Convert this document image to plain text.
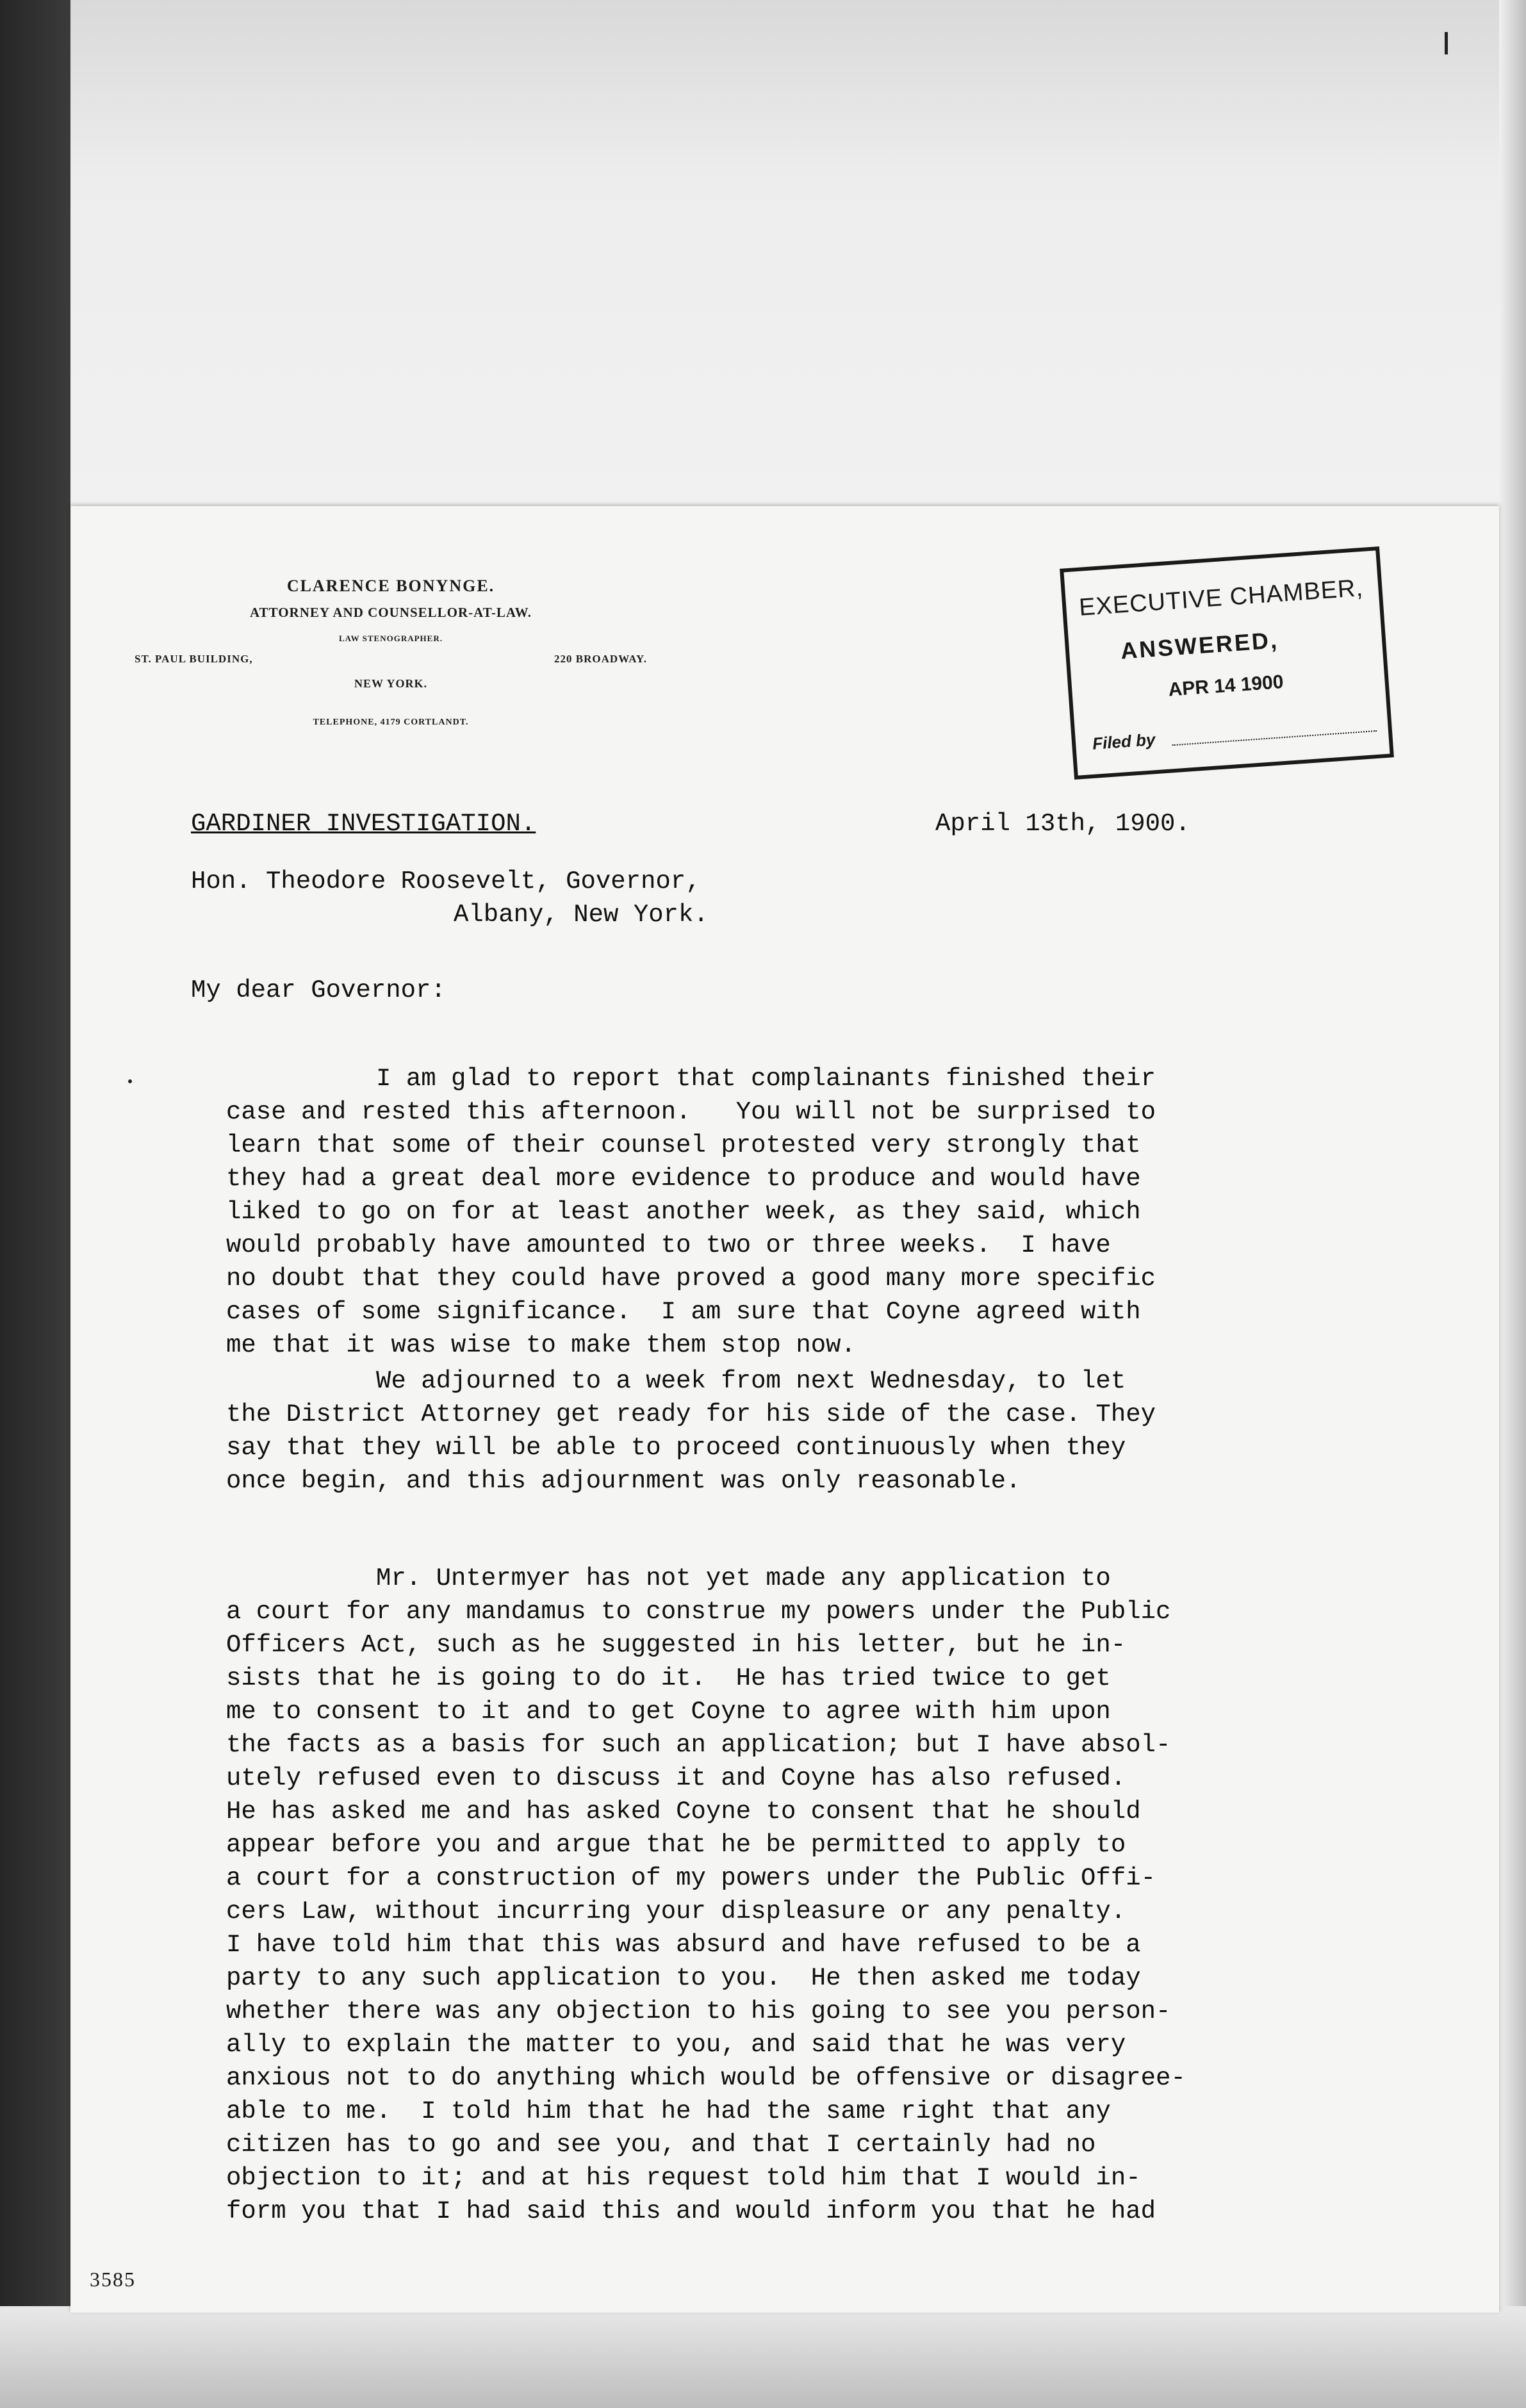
CLARENCE BONYNGE.
ATTORNEY AND COUNSELLOR-AT-LAW.
LAW STENOGRAPHER.
ST. PAUL BUILDING,	220 BROADWAY.
NEW YORK.
TELEPHONE, 4179 CORTLANDT.
EXECUTIVE CHAMBER,
ANSWERED,
APR 14 1900
Filed by
GARDINER INVESTIGATION.	April 13th, 1900.
Hon. Theodore Roosevelt, Governor,
Albany, New York.
My dear Governor:
I am glad to report that complainants finished their
case and rested this afternoon.   You will not be surprised to
learn that some of their counsel protested very strongly that
they had a great deal more evidence to produce and would have
liked to go on for at least another week, as they said, which
would probably have amounted to two or three weeks.  I have
no doubt that they could have proved a good many more specific
cases of some significance.  I am sure that Coyne agreed with
me that it was wise to make them stop now.
We adjourned to a week from next Wednesday, to let
the District Attorney get ready for his side of the case. They
say that they will be able to proceed continuously when they
once begin, and this adjournment was only reasonable.
Mr. Untermyer has not yet made any application to
a court for any mandamus to construe my powers under the Public
Officers Act, such as he suggested in his letter, but he in-
sists that he is going to do it.  He has tried twice to get
me to consent to it and to get Coyne to agree with him upon
the facts as a basis for such an application; but I have absol-
utely refused even to discuss it and Coyne has also refused.
He has asked me and has asked Coyne to consent that he should
appear before you and argue that he be permitted to apply to
a court for a construction of my powers under the Public Offi-
cers Law, without incurring your displeasure or any penalty.
I have told him that this was absurd and have refused to be a
party to any such application to you.  He then asked me today
whether there was any objection to his going to see you person-
ally to explain the matter to you, and said that he was very
anxious not to do anything which would be offensive or disagree-
able to me.  I told him that he had the same right that any
citizen has to go and see you, and that I certainly had no
objection to it; and at his request told him that I would in-
form you that I had said this and would inform you that he had
3585
